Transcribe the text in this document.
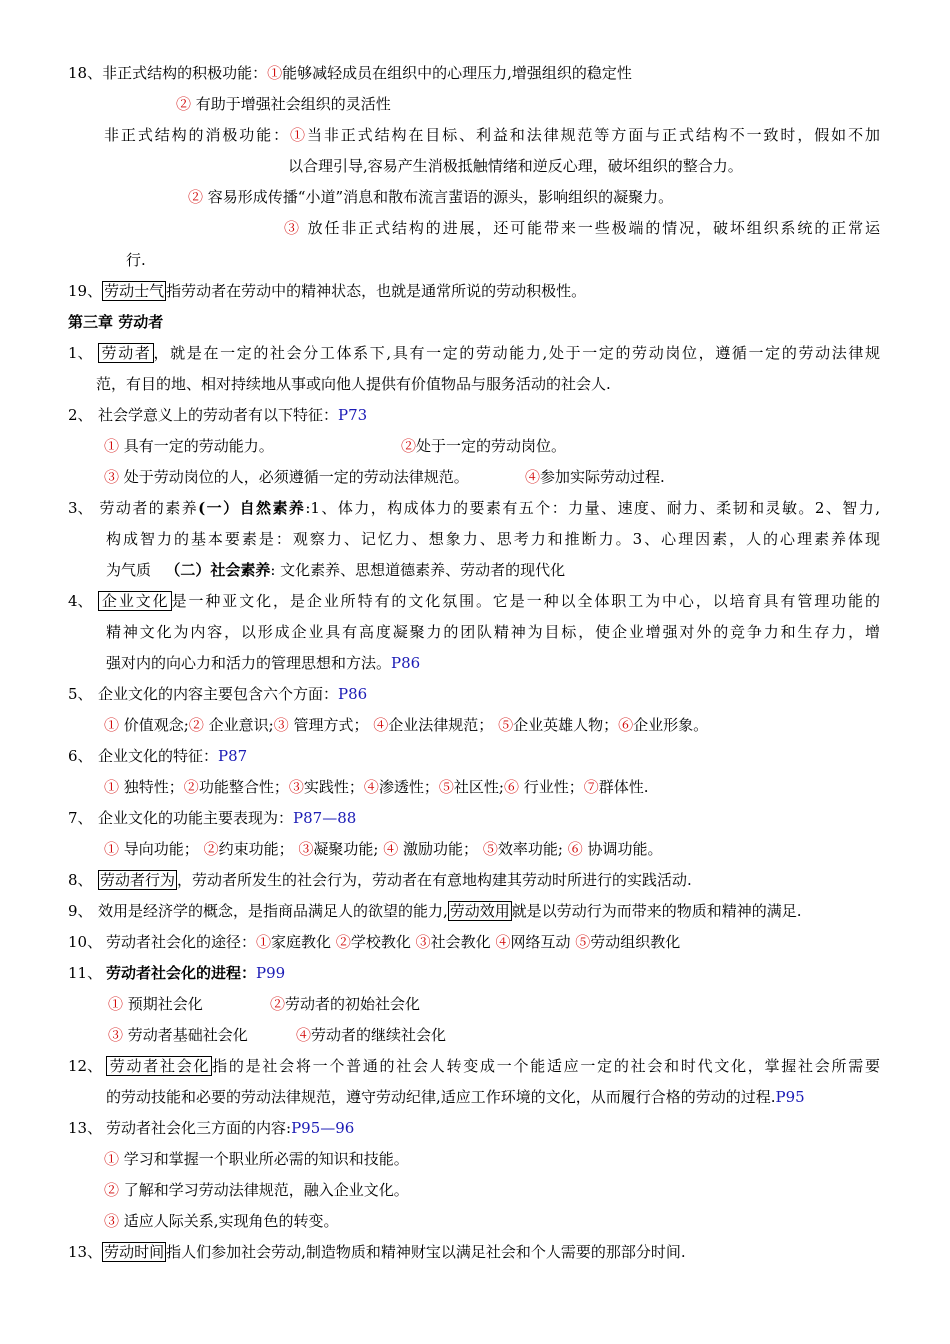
18、非正式结构的积极功能：①能够减轻成员在组织中的心理压力,增强组织的稳定性
② 有助于增强社会组织的灵活性
非正式结构的消极功能：①当非正式结构在目标、利益和法律规范等方面与正式结构不一致时，假如不加
以合理引导,容易产生消极抵触情绪和逆反心理，破坏组织的整合力。
② 容易形成传播“小道”消息和散布流言蜚语的源头，影响组织的凝聚力。
③ 放任非正式结构的进展，还可能带来一些极端的情况，破坏组织系统的正常运
行.
19、 劳动士气 指劳动者在劳动中的精神状态，也就是通常所说的劳动积极性。
第三章 劳动者
1、 劳动者 ，就是在一定的社会分工体系下,具有一定的劳动能力,处于一定的劳动岗位，遵循一定的劳动法律规
范，有目的地、相对持续地从事或向他人提供有价值物品与服务活动的社会人.
2、 社会学意义上的劳动者有以下特征：P73
① 具有一定的劳动能力。	②处于一定的劳动岗位。
③ 处于劳动岗位的人，必须遵循一定的劳动法律规范。	④参加实际劳动过程.
3、 劳动者的素养(一）自然素养:1、体力，构成体力的要素有五个：力量、速度、耐力、柔韧和灵敏。2、智力,
构成智力的基本要素是：观察力、记忆力、想象力、思考力和推断力。3、心理因素，人的心理素养体现
为气质   （二）社会素养: 文化素养、思想道德素养、劳动者的现代化
4、 企业文化 是一种亚文化，是企业所特有的文化氛围。它是一种以全体职工为中心，以培育具有管理功能的
精神文化为内容，以形成企业具有高度凝聚力的团队精神为目标，使企业增强对外的竞争力和生存力，增
强对内的向心力和活力的管理思想和方法。P86
5、 企业文化的内容主要包含六个方面：P86
① 价值观念;② 企业意识;③ 管理方式； ④企业法律规范； ⑤企业英雄人物；⑥企业形象。
6、 企业文化的特征：P87
① 独特性；②功能整合性；③实践性；④渗透性；⑤社区性;⑥ 行业性；⑦群体性.
7、 企业文化的功能主要表现为：P87—88
① 导向功能； ②约束功能； ③凝聚功能; ④ 激励功能； ⑤效率功能; ⑥ 协调功能。
8、 劳动者行为 ，劳动者所发生的社会行为，劳动者在有意地构建其劳动时所进行的实践活动.
9、 效用是经济学的概念，是指商品满足人的欲望的能力, 劳动效用 就是以劳动行为而带来的物质和精神的满足.
10、 劳动者社会化的途径：①家庭教化 ②学校教化 ③社会教化 ④网络互动 ⑤劳动组织教化
11、 劳动者社会化的进程：P99
① 预期社会化	②劳动者的初始社会化
③ 劳动者基础社会化	④劳动者的继续社会化
12、 劳动者社会化 指的是社会将一个普通的社会人转变成一个能适应一定的社会和时代文化，掌握社会所需要
的劳动技能和必要的劳动法律规范，遵守劳动纪律,适应工作环境的文化，从而履行合格的劳动的过程.P95
13、 劳动者社会化三方面的内容:P95—96
① 学习和掌握一个职业所必需的知识和技能。
② 了解和学习劳动法律规范，融入企业文化。
③ 适应人际关系,实现角色的转变。
13、 劳动时间 指人们参加社会劳动,制造物质和精神财宝以满足社会和个人需要的那部分时间.
